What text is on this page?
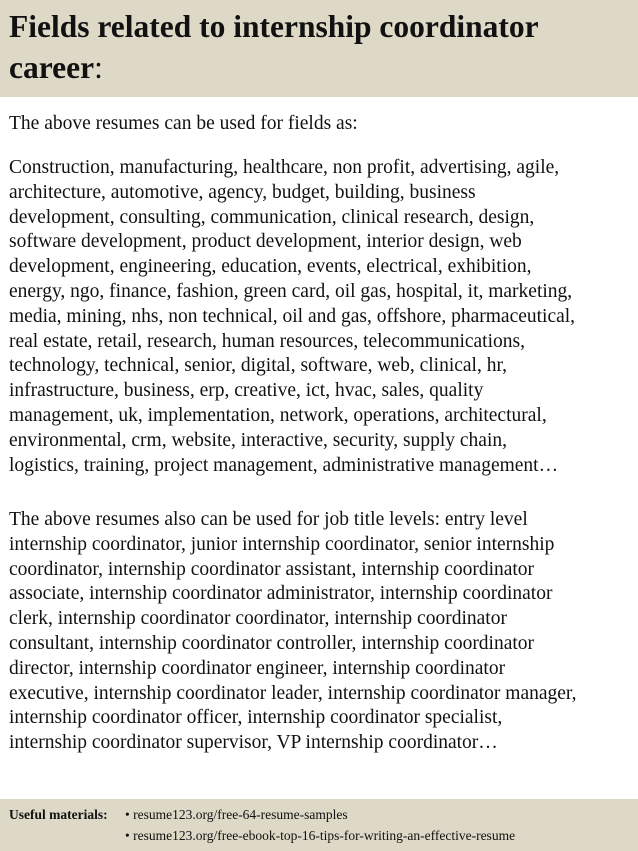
Fields related to internship coordinator career:

The above resumes can be used for fields as:

Construction, manufacturing, healthcare, non profit, advertising, agile,
architecture, automotive, agency, budget, building, business
development, consulting, communication, clinical research, design,
software development, product development, interior design, web
development, engineering, education, events, electrical, exhibition,
energy, ngo, finance, fashion, green card, oil gas, hospital, it, marketing,
media, mining, nhs, non technical, oil and gas, offshore, pharmaceutical,
real estate, retail, research, human resources, telecommunications,
technology, technical, senior, digital, software, web, clinical, hr,
infrastructure, business, erp, creative, ict, hvac, sales, quality
management, uk, implementation, network, operations, architectural,
environmental, crm, website, interactive, security, supply chain,
logistics, training, project management, administrative management…

The above resumes also can be used for job title levels: entry level
internship coordinator, junior internship coordinator, senior internship
coordinator, internship coordinator assistant, internship coordinator
associate, internship coordinator administrator, internship coordinator
clerk, internship coordinator coordinator, internship coordinator
consultant, internship coordinator controller, internship coordinator
director, internship coordinator engineer, internship coordinator
executive, internship coordinator leader, internship coordinator manager,
internship coordinator officer, internship coordinator specialist,
internship coordinator supervisor, VP internship coordinator…

Useful materials: • resume123.org/free-64-resume-samples
• resume123.org/free-ebook-top-16-tips-for-writing-an-effective-resume
